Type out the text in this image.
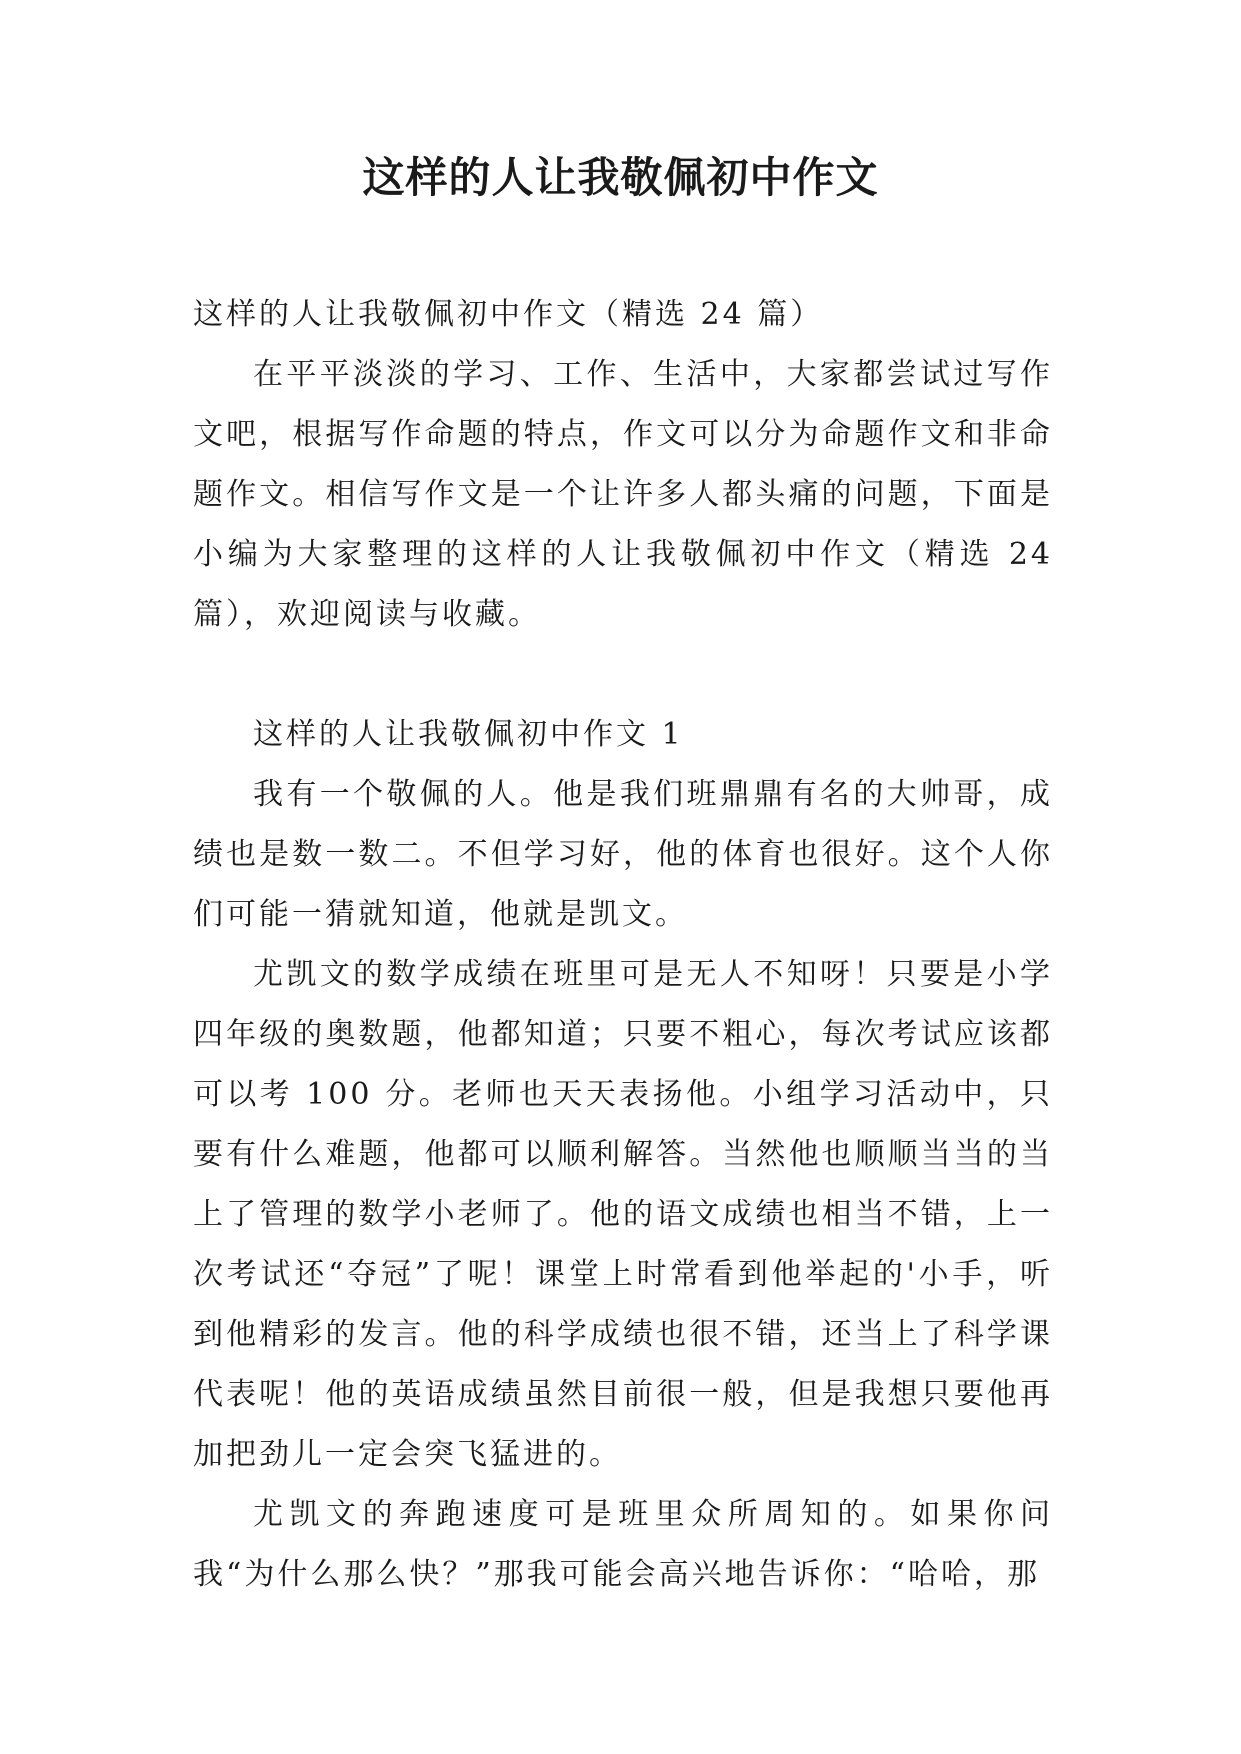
这样的人让我敬佩初中作文

这样的人让我敬佩初中作文（精选 24 篇）

在平平淡淡的学习、工作、生活中，大家都尝试过写作文吧，根据写作命题的特点，作文可以分为命题作文和非命题作文。相信写作文是一个让许多人都头痛的问题，下面是小编为大家整理的这样的人让我敬佩初中作文（精选 24 篇），欢迎阅读与收藏。

这样的人让我敬佩初中作文 1

我有一个敬佩的人。他是我们班鼎鼎有名的大帅哥，成绩也是数一数二。不但学习好，他的体育也很好。这个人你们可能一猜就知道，他就是凯文。

尤凯文的数学成绩在班里可是无人不知呀！只要是小学四年级的奥数题，他都知道；只要不粗心，每次考试应该都可以考 100 分。老师也天天表扬他。小组学习活动中，只要有什么难题，他都可以顺利解答。当然他也顺顺当当的当上了管理的数学小老师了。他的语文成绩也相当不错，上一次考试还“夺冠”了呢！课堂上时常看到他举起的'小手，听到他精彩的发言。他的科学成绩也很不错，还当上了科学课代表呢！他的英语成绩虽然目前很一般，但是我想只要他再加把劲儿一定会突飞猛进的。

尤凯文的奔跑速度可是班里众所周知的。如果你问我“为什么那么快？”那我可能会高兴地告诉你：“哈哈，那
